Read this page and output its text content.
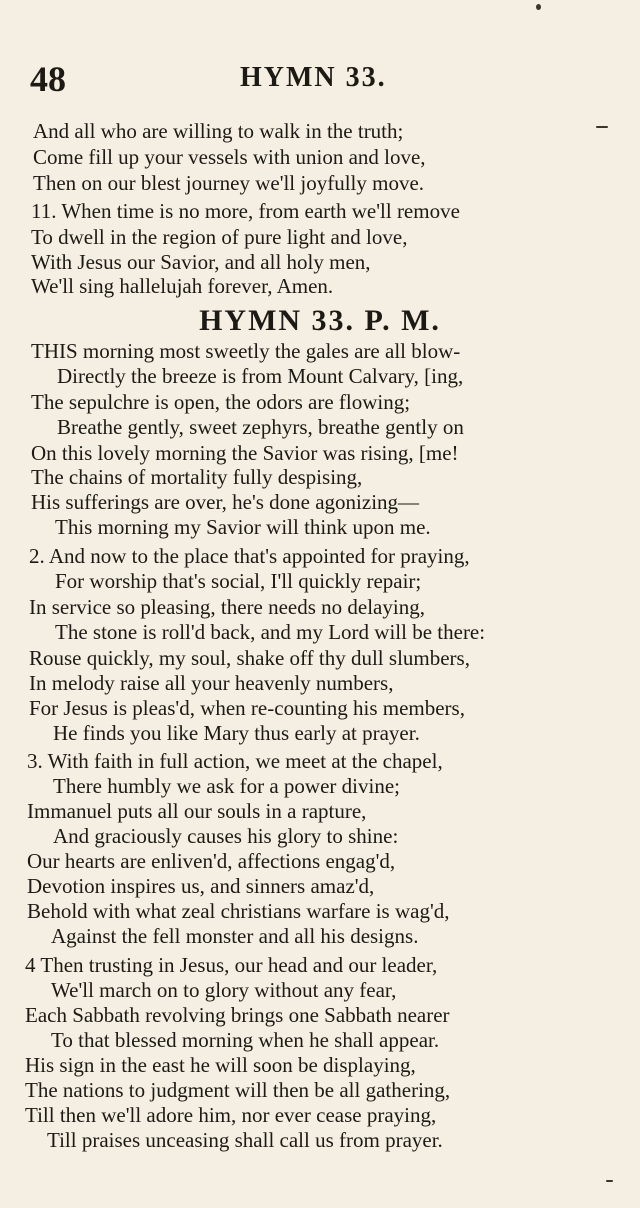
48	HYMN 33.
And all who are willing to walk in the truth;
Come fill up your vessels with union and love,
Then on our blest journey we'll joyfully move.
11. When time is no more, from earth we'll remove
To dwell in the region of pure light and love,
With Jesus our Savior, and all holy men,
We'll sing hallelujah forever, Amen.
HYMN 33. P. M.
THIS morning most sweetly the gales are all blow-
Directly the breeze is from Mount Calvary, [ing,
The sepulchre is open, the odors are flowing;
Breathe gently, sweet zephyrs, breathe gently on
On this lovely morning the Savior was rising, [me!
The chains of mortality fully despising,
His sufferings are over, he's done agonizing—
This morning my Savior will think upon me.
2. And now to the place that's appointed for praying,
For worship that's social, I'll quickly repair;
In service so pleasing, there needs no delaying,
The stone is roll'd back, and my Lord will be there:
Rouse quickly, my soul, shake off thy dull slumbers,
In melody raise all your heavenly numbers,
For Jesus is pleas'd, when re-counting his members,
He finds you like Mary thus early at prayer.
3. With faith in full action, we meet at the chapel,
There humbly we ask for a power divine;
Immanuel puts all our souls in a rapture,
And graciously causes his glory to shine:
Our hearts are enliven'd, affections engag'd,
Devotion inspires us, and sinners amaz'd,
Behold with what zeal christians warfare is wag'd,
Against the fell monster and all his designs.
4 Then trusting in Jesus, our head and our leader,
We'll march on to glory without any fear,
Each Sabbath revolving brings one Sabbath nearer
To that blessed morning when he shall appear.
His sign in the east he will soon be displaying,
The nations to judgment will then be all gathering,
Till then we'll adore him, nor ever cease praying,
Till praises unceasing shall call us from prayer.
